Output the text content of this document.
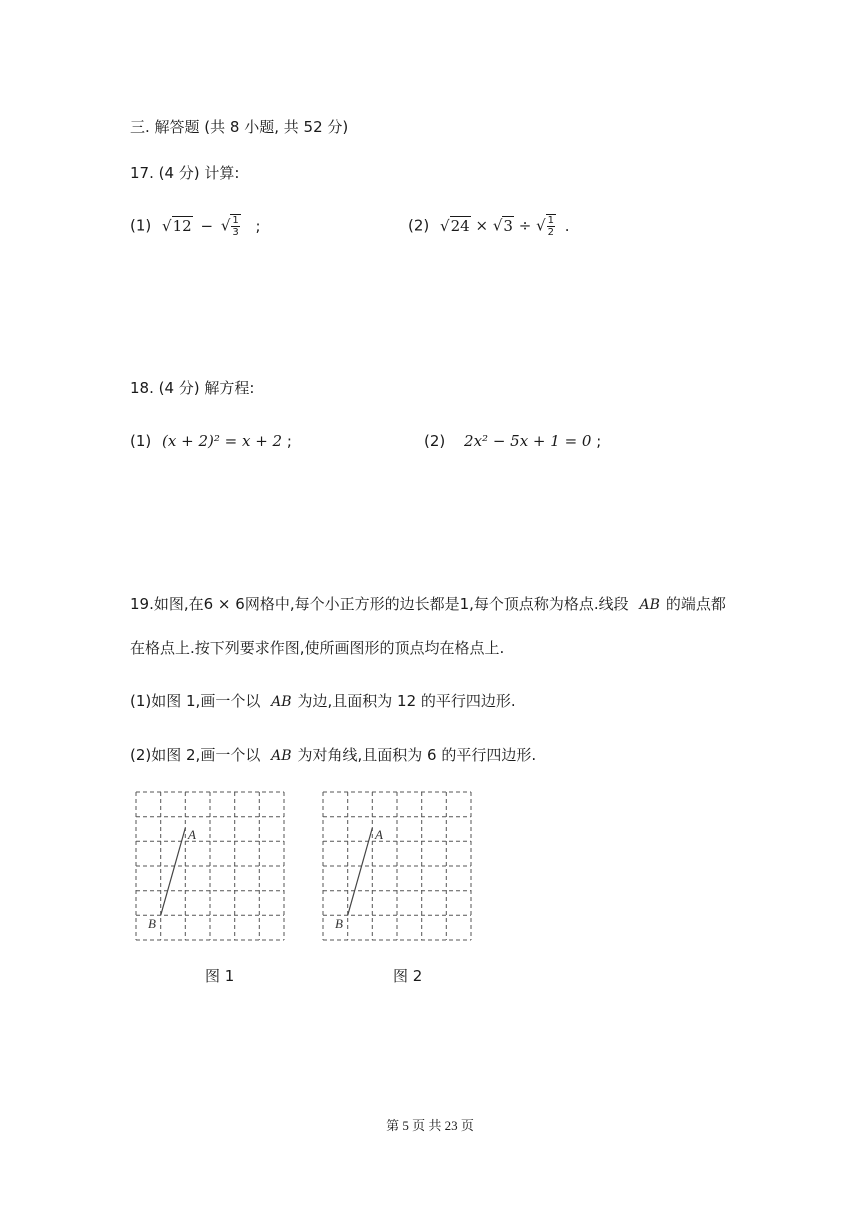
三. 解答题 (共 8 小题, 共 52 分)
17. (4 分) 计算:
(1) √12 − √ $\frac{1}{3}$ ;	(2) √24 × √3 ÷ √ $\frac{1}{2}$ .
18. (4 分) 解方程:
(1) (x + 2)² = x + 2 ;	(2) 2x² − 5x + 1 = 0 ;
19.如图,在6 × 6网格中,每个小正方形的边长都是1,每个顶点称为格点.线段 AB 的端点都
在格点上.按下列要求作图,使所画图形的顶点均在格点上.
(1)如图 1,画一个以 AB 为边,且面积为 12 的平行四边形.
(2)如图 2,画一个以 AB 为对角线,且面积为 6 的平行四边形.
A
B
图 1
A
B
图 2
第 5 页 共 23 页
